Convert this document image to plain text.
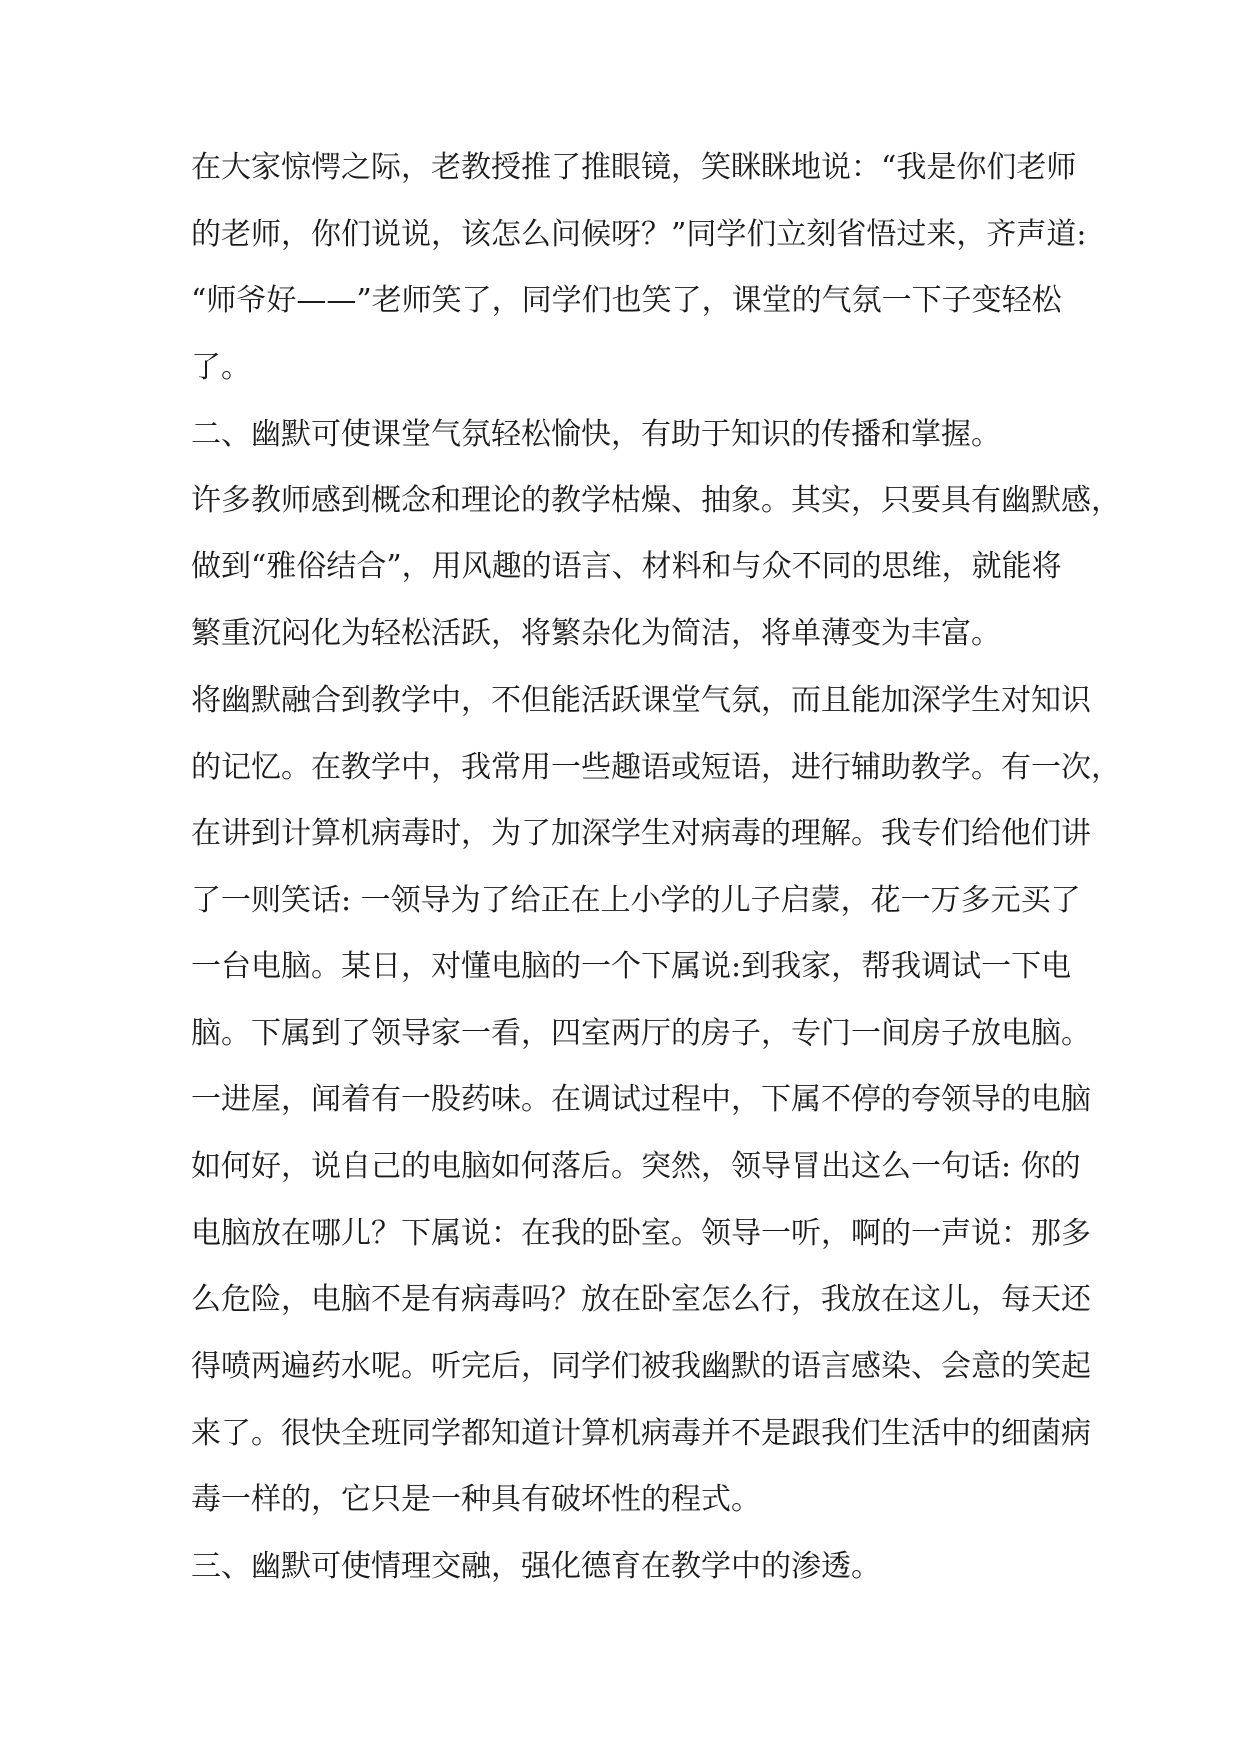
在大家惊愕之际，老教授推了推眼镜，笑眯眯地说：“我是你们老师
的老师，你们说说，该怎么问候呀？”同学们立刻省悟过来，齐声道:
“师爷好——”老师笑了，同学们也笑了，课堂的气氛一下子变轻松
了。
二、幽默可使课堂气氛轻松愉快，有助于知识的传播和掌握。
许多教师感到概念和理论的教学枯燥、抽象。其实，只要具有幽默感，
做到“雅俗结合”，用风趣的语言、材料和与众不同的思维，就能将
繁重沉闷化为轻松活跃，将繁杂化为简洁，将单薄变为丰富。
将幽默融合到教学中，不但能活跃课堂气氛，而且能加深学生对知识
的记忆。在教学中，我常用一些趣语或短语，进行辅助教学。有一次，
在讲到计算机病毒时，为了加深学生对病毒的理解。我专们给他们讲
了一则笑话: 一领导为了给正在上小学的儿子启蒙，花一万多元买了
一台电脑。某日，对懂电脑的一个下属说:到我家，帮我调试一下电
脑。下属到了领导家一看，四室两厅的房子，专门一间房子放电脑。
一进屋，闻着有一股药味。在调试过程中，下属不停的夸领导的电脑
如何好，说自己的电脑如何落后。突然，领导冒出这么一句话: 你的
电脑放在哪儿？下属说：在我的卧室。领导一听，啊的一声说：那多
么危险，电脑不是有病毒吗？放在卧室怎么行，我放在这儿，每天还
得喷两遍药水呢。听完后，同学们被我幽默的语言感染、会意的笑起
来了。很快全班同学都知道计算机病毒并不是跟我们生活中的细菌病
毒一样的，它只是一种具有破坏性的程式。
三、幽默可使情理交融，强化德育在教学中的渗透。
